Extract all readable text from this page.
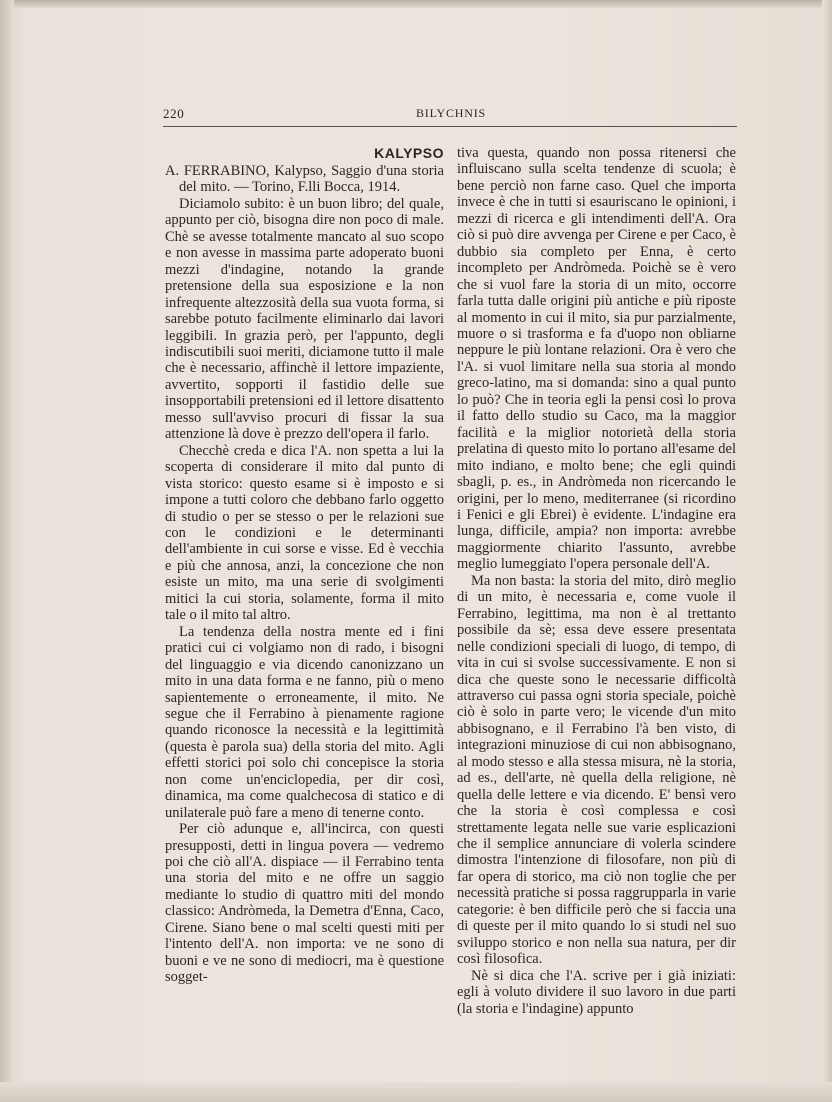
220	BILYCHNIS
KALYPSO

A. FERRABINO, Kalypso, Saggio d'una storia del mito. — Torino, F.lli Bocca, 1914.

Diciamolo subito: è un buon libro; del quale, appunto per ciò, bisogna dire non poco di male. Chè se avesse totalmente mancato al suo scopo e non avesse in massima parte adoperato buoni mezzi d'indagine, notando la grande pretensione della sua esposizione e la non infrequente altezzosità della sua vuota forma, si sarebbe potuto facilmente eliminarlo dai lavori leggibili. In grazia però, per l'appunto, degli indiscutibili suoi meriti, diciamone tutto il male che è necessario, affinchè il lettore impaziente, avvertito, sopporti il fastidio delle sue insopportabili pretensioni ed il lettore disattento messo sull'avviso procuri di fissar la sua attenzione là dove è prezzo dell'opera il farlo.

Checchè creda e dica l'A. non spetta a lui la scoperta di considerare il mito dal punto di vista storico: questo esame si è imposto e si impone a tutti coloro che debbano farlo oggetto di studio o per se stesso o per le relazioni sue con le condizioni e le determinanti dell'ambiente in cui sorse e visse. Ed è vecchia e più che annosa, anzi, la concezione che non esiste un mito, ma una serie di svolgimenti mitici la cui storia, solamente, forma il mito tale o il mito tal altro.

La tendenza della nostra mente ed i fini pratici cui ci volgiamo non di rado, i bisogni del linguaggio e via dicendo canonizzano un mito in una data forma e ne fanno, più o meno sapientemente o erroneamente, il mito. Ne segue che il Ferrabino à pienamente ragione quando riconosce la necessità e la legittimità (questa è parola sua) della storia del mito. Agli effetti storici poi solo chi concepisce la storia non come un'enciclopedia, per dir così, dinamica, ma come qualchecosa di statico e di unilaterale può fare a meno di tenerne conto.

Per ciò adunque e, all'incirca, con questi presupposti, detti in lingua povera — vedremo poi che ciò all'A. dispiace — il Ferrabino tenta una storia del mito e ne offre un saggio mediante lo studio di quattro miti del mondo classico: Andròmeda, la Demetra d'Enna, Caco, Cirene. Siano bene o mal scelti questi miti per l'intento dell'A. non importa: ve ne sono di buoni e ve ne sono di mediocri, ma è questione sogget-

tiva questa, quando non possa ritenersi che influiscano sulla scelta tendenze di scuola; è bene perciò non farne caso. Quel che importa invece è che in tutti si esauriscano le opinioni, i mezzi di ricerca e gli intendimenti dell'A. Ora ciò si può dire avvenga per Cirene e per Caco, è dubbio sia completo per Enna, è certo incompleto per Andròmeda. Poichè se è vero che si vuol fare la storia di un mito, occorre farla tutta dalle origini più antiche e più riposte al momento in cui il mito, sia pur parzialmente, muore o si trasforma e fa d'uopo non obliarne neppure le più lontane relazioni. Ora è vero che l'A. si vuol limitare nella sua storia al mondo greco-latino, ma si domanda: sino a qual punto lo può? Che in teoria egli la pensi così lo prova il fatto dello studio su Caco, ma la maggior facilità e la miglior notorietà della storia prelatina di questo mito lo portano all'esame del mito indiano, e molto bene; che egli quindi sbagli, p. es., in Andròmeda non ricercando le origini, per lo meno, mediterranee (si ricordino i Fenici e gli Ebrei) è evidente. L'indagine era lunga, difficile, ampia? non importa: avrebbe maggiormente chiarito l'assunto, avrebbe meglio lumeggiato l'opera personale dell'A.

Ma non basta: la storia del mito, dirò meglio di un mito, è necessaria e, come vuole il Ferrabino, legittima, ma non è al trettanto possibile da sè; essa deve essere presentata nelle condizioni speciali di luogo, di tempo, di vita in cui si svolse successivamente. E non si dica che queste sono le necessarie difficoltà attraverso cui passa ogni storia speciale, poichè ciò è solo in parte vero; le vicende d'un mito abbisognano, e il Ferrabino l'à ben visto, di integrazioni minuziose di cui non abbisognano, al modo stesso e alla stessa misura, nè la storia, ad es., dell'arte, nè quella della religione, nè quella delle lettere e via dicendo. E' bensì vero che la storia è così complessa e così strettamente legata nelle sue varie esplicazioni che il semplice annunciare di volerla scindere dimostra l'intenzione di filosofare, non più di far opera di storico, ma ciò non toglie che per necessità pratiche si possa raggrupparla in varie categorie: è ben difficile però che si faccia una di queste per il mito quando lo si studi nel suo sviluppo storico e non nella sua natura, per dir così filosofica.

Nè si dica che l'A. scrive per i già iniziati: egli à voluto dividere il suo lavoro in due parti (la storia e l'indagine) appunto
